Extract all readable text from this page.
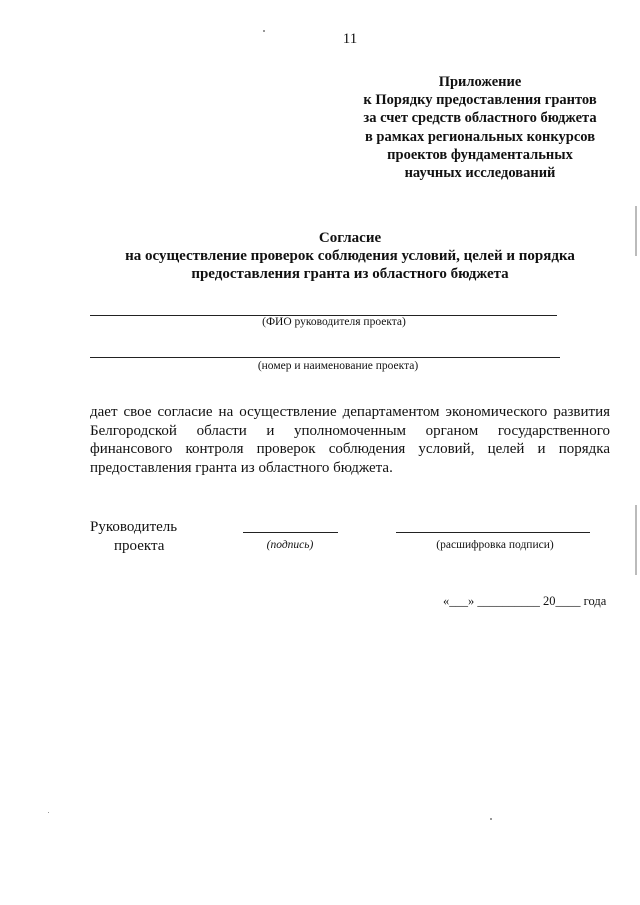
11
Приложение
к Порядку предоставления грантов
за счет средств областного бюджета
в рамках региональных конкурсов
проектов фундаментальных
научных исследований
Согласие
на осуществление проверок соблюдения условий, целей и порядка
предоставления гранта из областного бюджета
(ФИО руководителя проекта)
(номер и наименование проекта)
дает свое согласие на осуществление департаментом экономического развития
Белгородской области и уполномоченным органом государственного
финансового контроля проверок соблюдения условий, целей и порядка
предоставления гранта из областного бюджета.
Руководитель
проекта	(подпись)	(расшифровка подписи)
«___» __________ 20____ года
